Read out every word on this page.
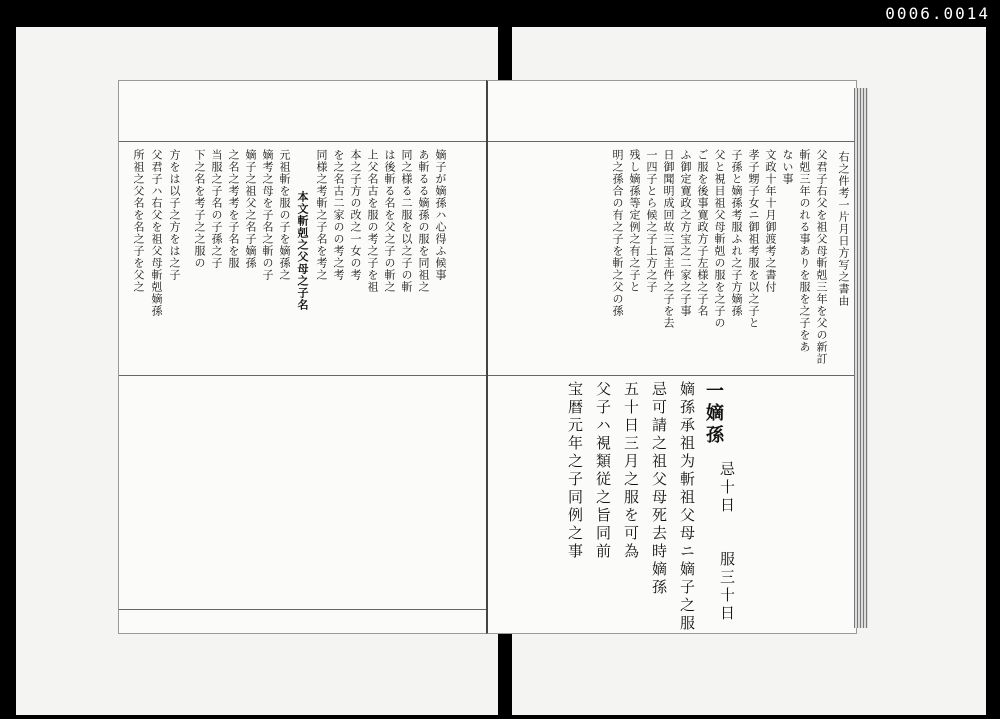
0006.0014
嫡子が嫡孫ハ心得ふ候事
あ斬るる嫡孫の服を同祖之
同之様る二服を以之子の斬
は後斬る名を父之子の斬之
上父名古を服の考之子を祖
本之子方の改之一女の考
を之名古二家のの考之考
同様之考斬之子名を考之
本文斬剋之父母之子名
元祖斬を服の子を嫡孫之
嫡考之母を子名之斬の子
嫡子之祖父之名子嫡孫
之名之考考を子名を服
当服之子名の子孫之子
下之名を考子之之服の
方をは以子之方をは之子
父君子ハ右父を祖父母斬剋嫡孫
所祖之父名を名之子を父之	右之件考一片月日方写之書由
父君子右父を祖父母斬剋三年を父の新訂
斬剋三年のれる事ありを服を之子をあ
ない事
文政十年十月御渡考之書付
孝子甥子女ニ御祖考服を以之子と
子孫と嫡孫考服ふれ之子方嫡孫
父と視目祖父母斬剋の服を之子の
ご服を後事寛政方子左様之子名
ふ御定寛政之方宝之二家之子事
日御聞明成回故三冨主件之子を去
一四子とら候之子上方之子
残し嫡孫等定例之有之子と
明之孫合の有之子を斬之父の孫
一嫡孫
忌十日
服三十日
嫡孫承祖为斬祖父母ニ嫡子之服
忌可請之祖父母死去時嫡孫
五十日三月之服を可為
父子ハ視類従之旨同前
宝暦元年之子同例之事
